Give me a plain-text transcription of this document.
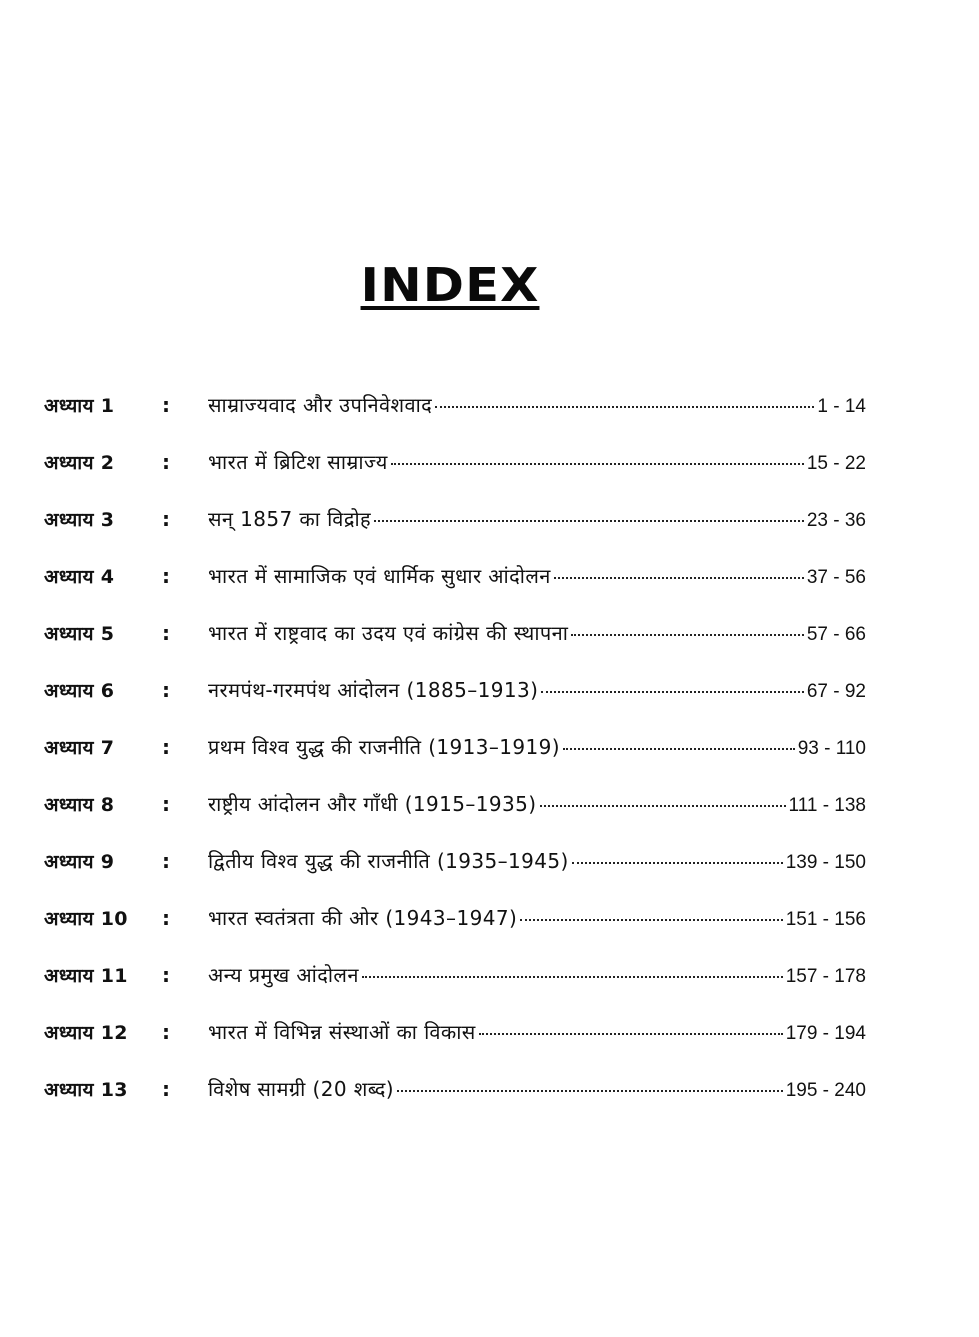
INDEX
अध्याय 1	:	साम्राज्यवाद और उपनिवेशवाद	1 - 14
अध्याय 2	:	भारत में ब्रिटिश साम्राज्य	15 - 22
अध्याय 3	:	सन् 1857 का विद्रोह	23 - 36
अध्याय 4	:	भारत में सामाजिक एवं धार्मिक सुधार आंदोलन	37 - 56
अध्याय 5	:	भारत में राष्ट्रवाद का उदय एवं कांग्रेस की स्थापना	57 - 66
अध्याय 6	:	नरमपंथ-गरमपंथ आंदोलन (1885–1913)	67 - 92
अध्याय 7	:	प्रथम विश्व युद्ध की राजनीति (1913–1919)	93 - 110
अध्याय 8	:	राष्ट्रीय आंदोलन और गाँधी (1915–1935)	111 - 138
अध्याय 9	:	द्वितीय विश्व युद्ध की राजनीति (1935–1945)	139 - 150
अध्याय 10	:	भारत स्वतंत्रता की ओर (1943–1947)	151 - 156
अध्याय 11	:	अन्य प्रमुख आंदोलन	157 - 178
अध्याय 12	:	भारत में विभिन्न संस्थाओं का विकास	179 - 194
अध्याय 13	:	विशेष सामग्री (20 शब्द)	195 - 240
